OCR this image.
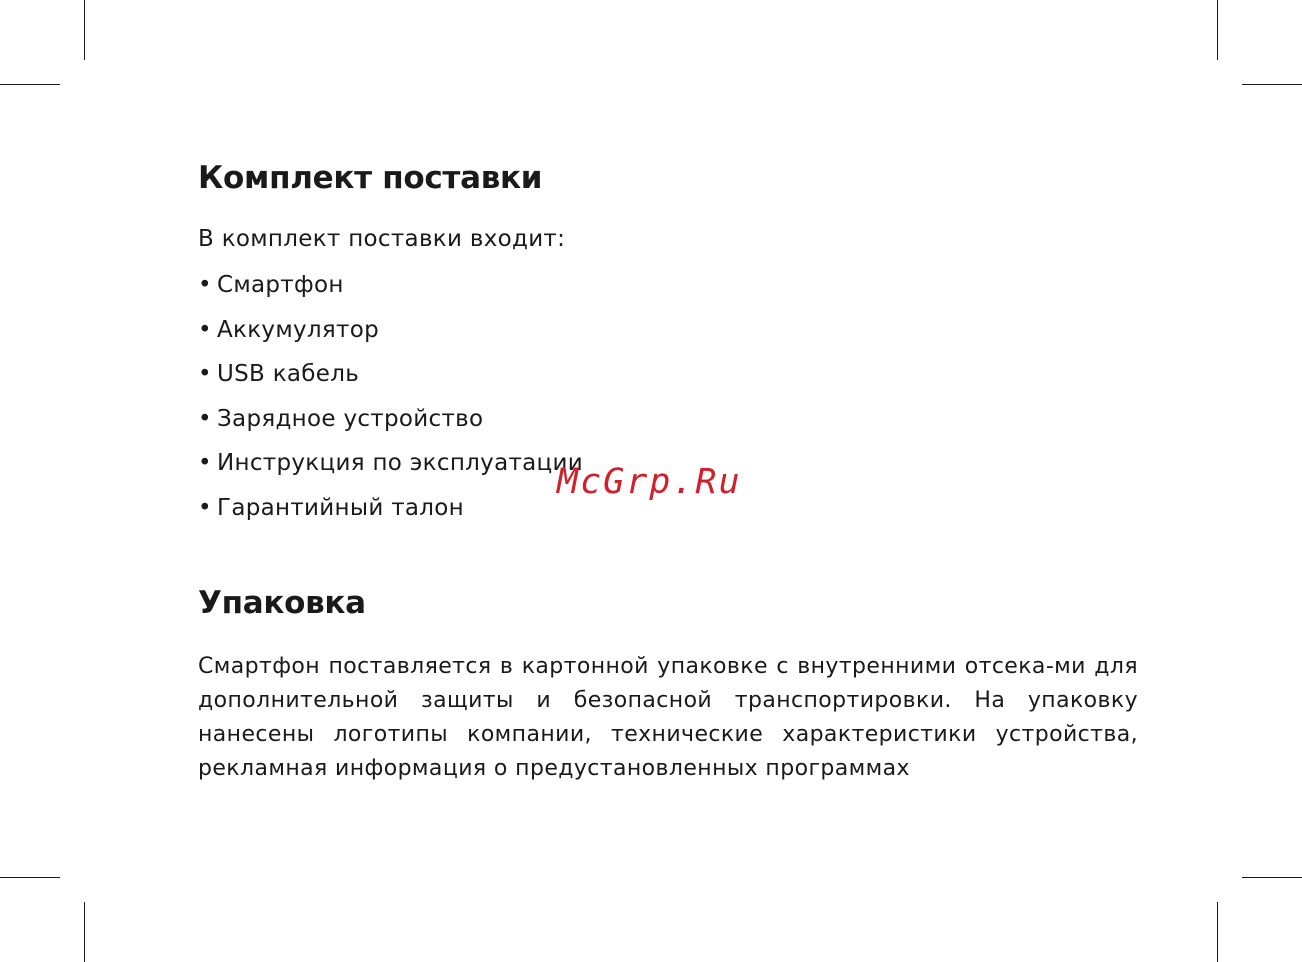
Комплект поставки

В комплект поставки входит:

• Смартфон
• Аккумулятор
• USB кабель
• Зарядное устройство
• Инструкция по эксплуатации
• Гарантийный талон
Упаковка

Смартфон поставляется в картонной упаковке с внутренними отсека-ми для дополнительной защиты и безопасной транспортировки. На упаковку нанесены логотипы компании, технические характеристики устройства, рекламная информация о предустановленных программах

McGrp.Ru
